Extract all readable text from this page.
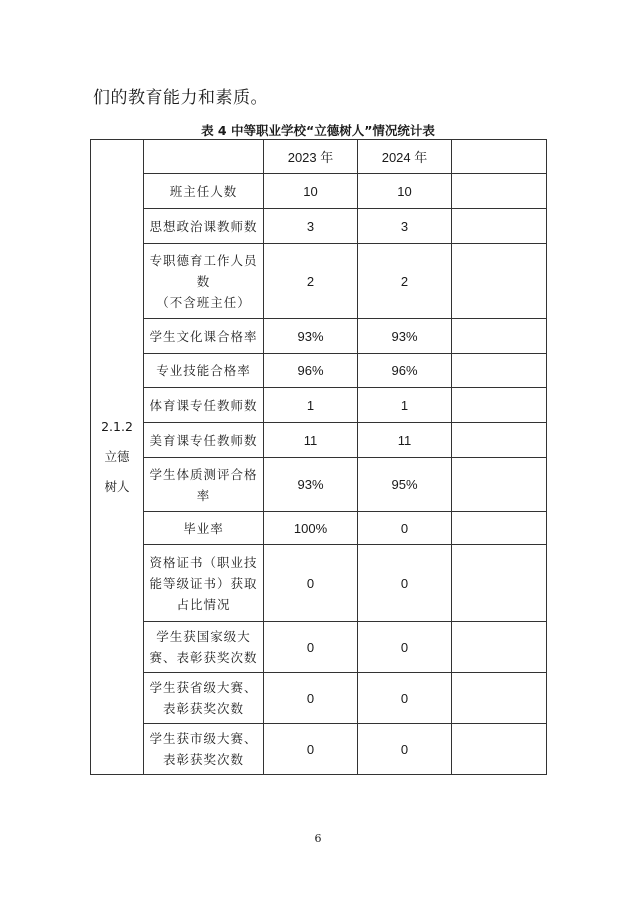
们的教育能力和素质。
表 4 中等职业学校“立德树人”情况统计表
2.1.2
立德
树人		2023 年	2024 年	

	班主任人数	10	10	

	思想政治课教师数	3	3	

	专职德育工作人员
数
（不含班主任）	2	2	

	学生文化课合格率	93%	93%	

	专业技能合格率	96%	96%	

	体育课专任教师数	1	1	

	美育课专任教师数	11	11	

	学生体质测评合格
率	93%	95%	

	毕业率	100%	0	

	资格证书（职业技
能等级证书）获取
占比情况	0	0	

	学生获国家级大
赛、表彰获奖次数	0	0	

	学生获省级大赛、
表彰获奖次数	0	0	

	学生获市级大赛、
表彰获奖次数	0	0	
6
